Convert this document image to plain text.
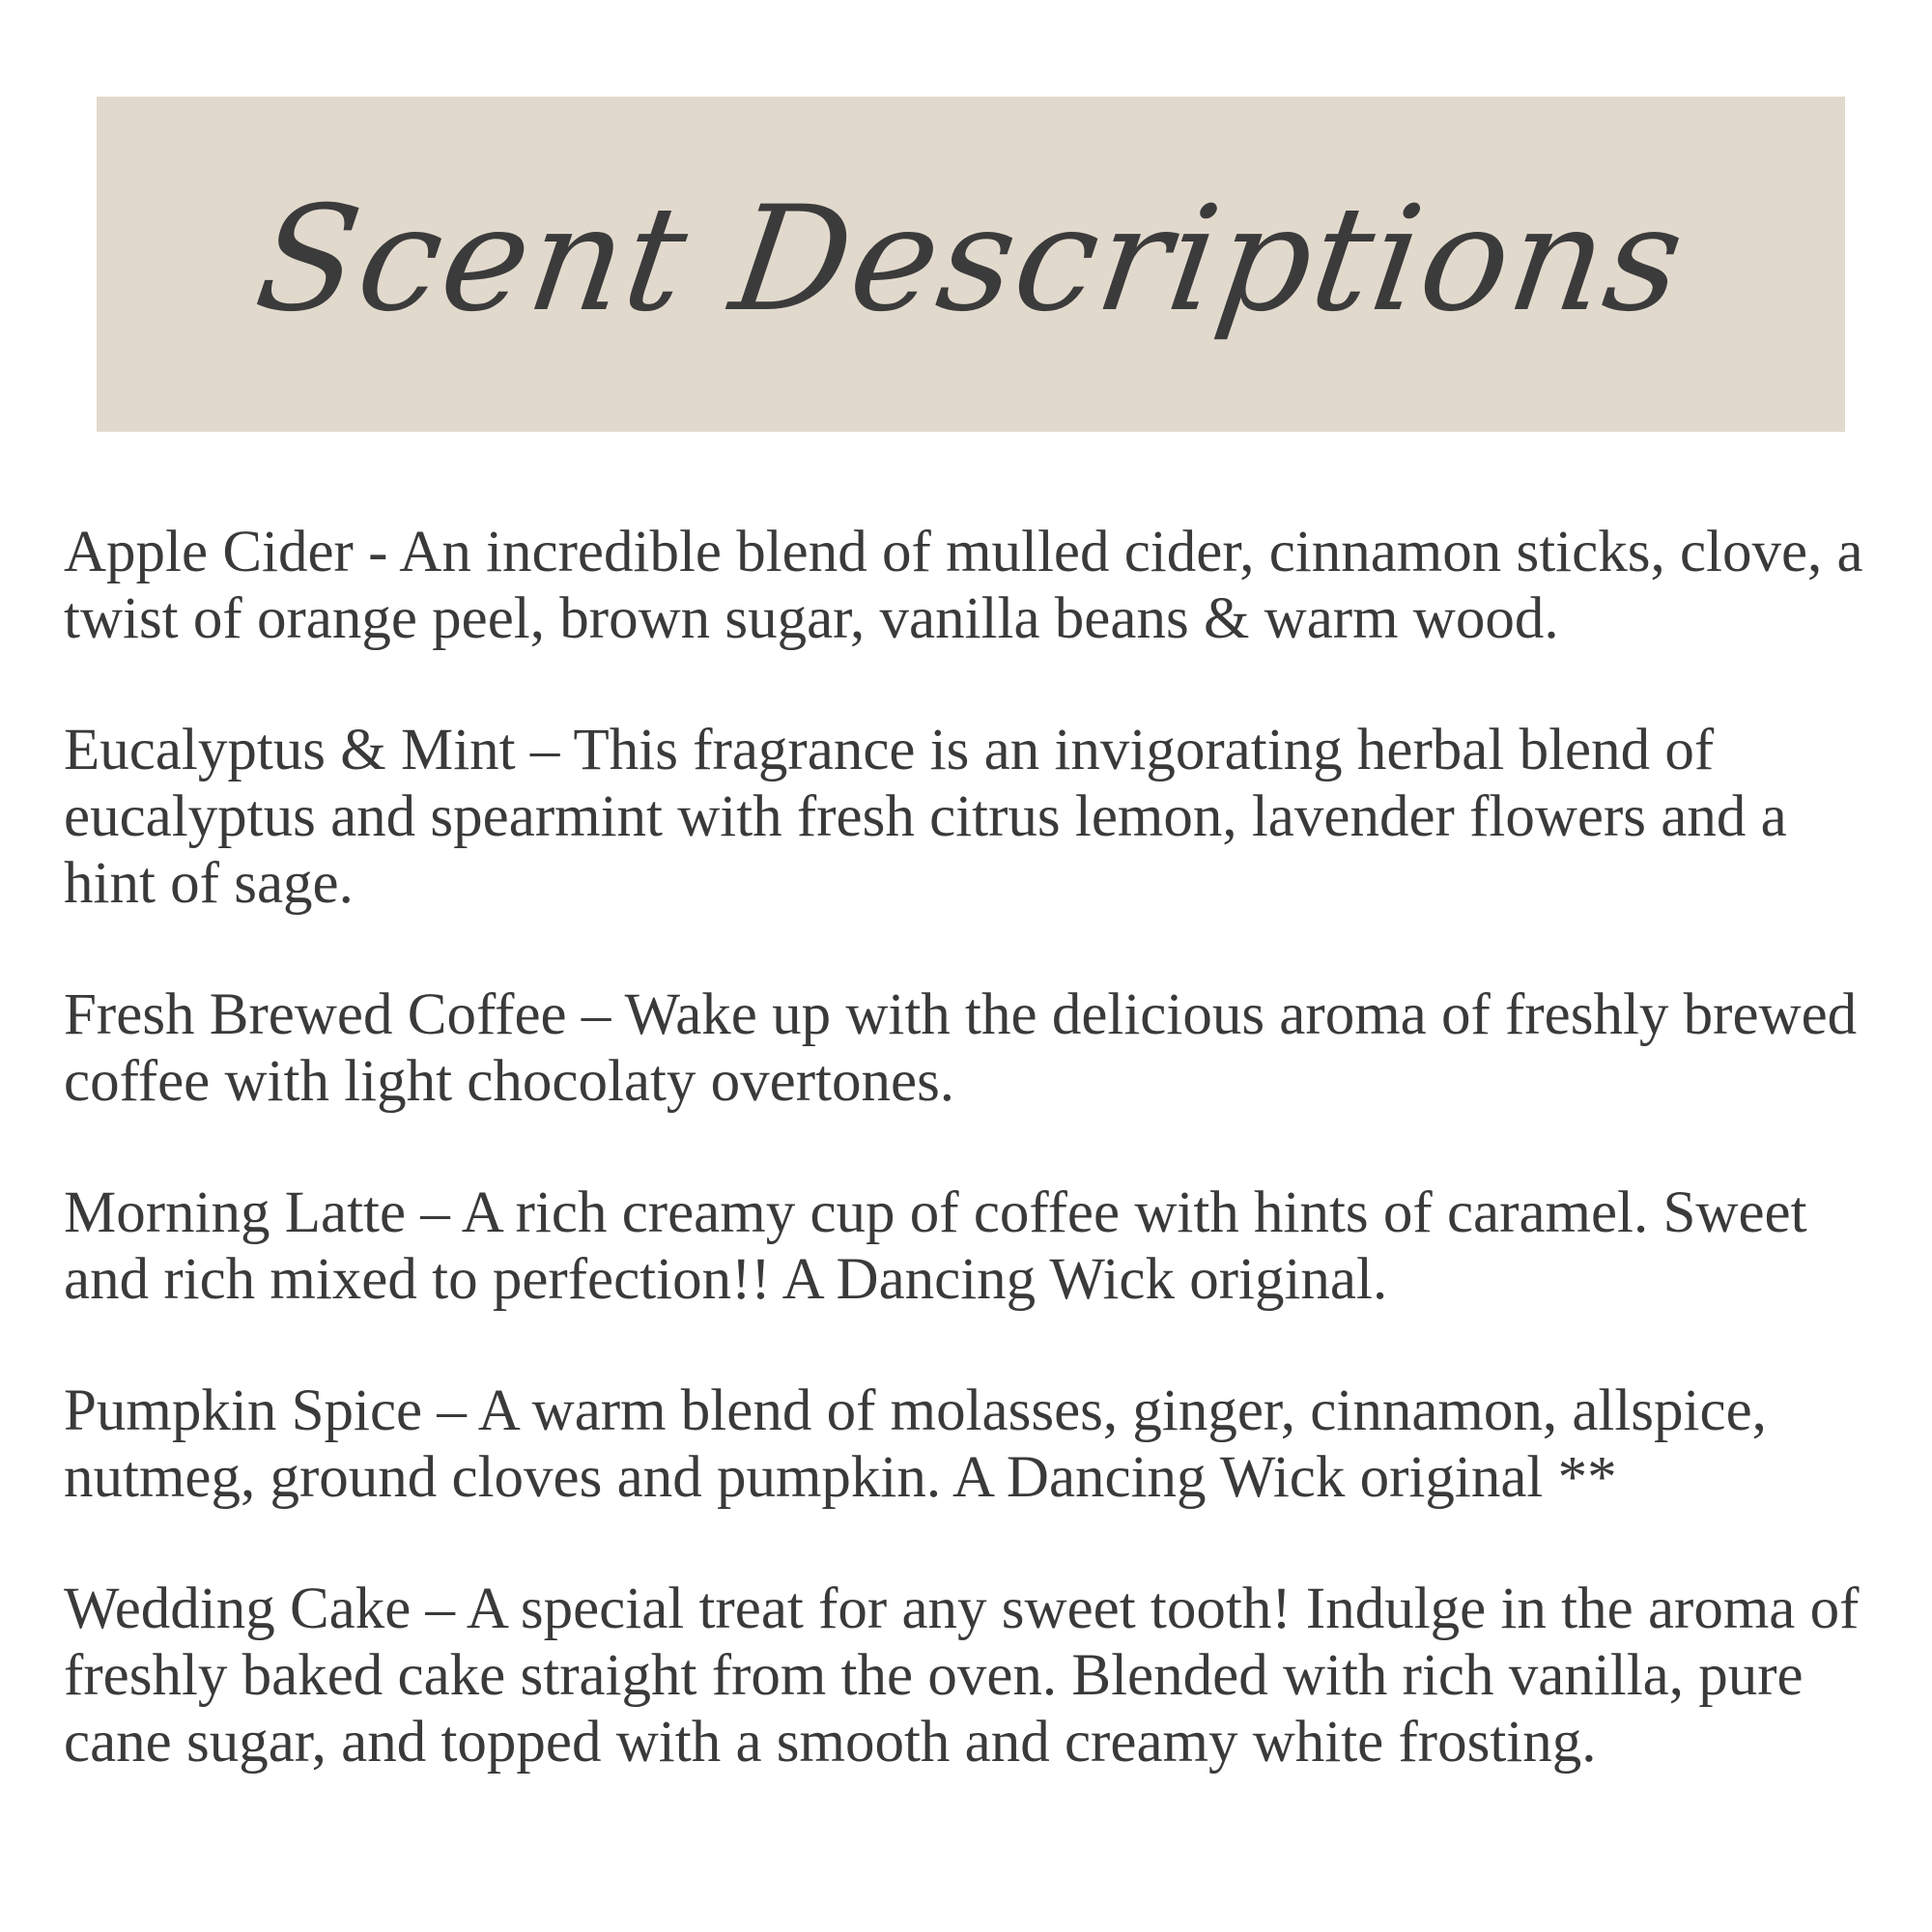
Scent Descriptions

Apple Cider - An incredible blend of mulled cider, cinnamon sticks, clove, a twist of orange peel, brown sugar, vanilla beans & warm wood.

Eucalyptus & Mint – This fragrance is an invigorating herbal blend of eucalyptus and spearmint with fresh citrus lemon, lavender flowers and a hint of sage.

Fresh Brewed Coffee – Wake up with the delicious aroma of freshly brewed coffee with light chocolaty overtones.

Morning Latte – A rich creamy cup of coffee with hints of caramel. Sweet and rich mixed to perfection!! A Dancing Wick original.

Pumpkin Spice – A warm blend of molasses, ginger, cinnamon, allspice, nutmeg, ground cloves and pumpkin. A Dancing Wick original **

Wedding Cake – A special treat for any sweet tooth! Indulge in the aroma of freshly baked cake straight from the oven. Blended with rich vanilla, pure cane sugar, and topped with a smooth and creamy white frosting.
